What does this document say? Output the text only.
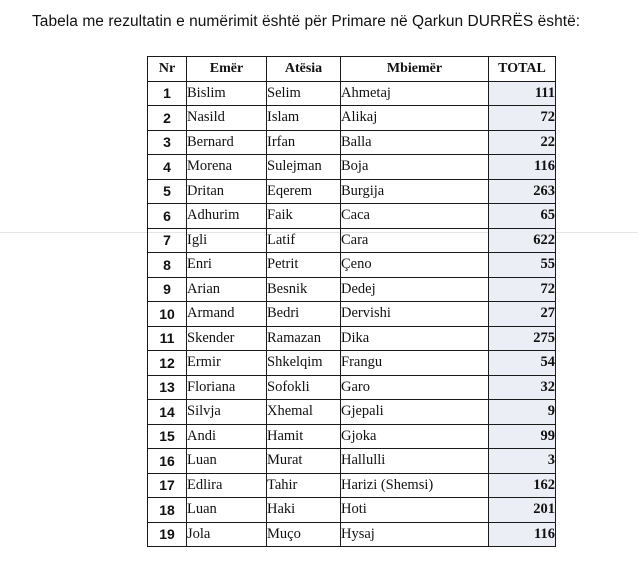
Tabela me rezultatin e numërimit është për Primare në Qarkun DURRËS është:
Nr	Emër	Atësia	Mbiemër	TOTAL
1	Bislim	Selim	Ahmetaj	111
2	Nasild	Islam	Alikaj	72
3	Bernard	Irfan	Balla	22
4	Morena	Sulejman	Boja	116
5	Dritan	Eqerem	Burgija	263
6	Adhurim	Faik	Caca	65
7	Igli	Latif	Cara	622
8	Enri	Petrit	Çeno	55
9	Arian	Besnik	Dedej	72
10	Armand	Bedri	Dervishi	27
11	Skender	Ramazan	Dika	275
12	Ermir	Shkelqim	Frangu	54
13	Floriana	Sofokli	Garo	32
14	Silvja	Xhemal	Gjepali	9
15	Andi	Hamit	Gjoka	99
16	Luan	Murat	Hallulli	3
17	Edlira	Tahir	Harizi (Shemsi)	162
18	Luan	Haki	Hoti	201
19	Jola	Muço	Hysaj	116
